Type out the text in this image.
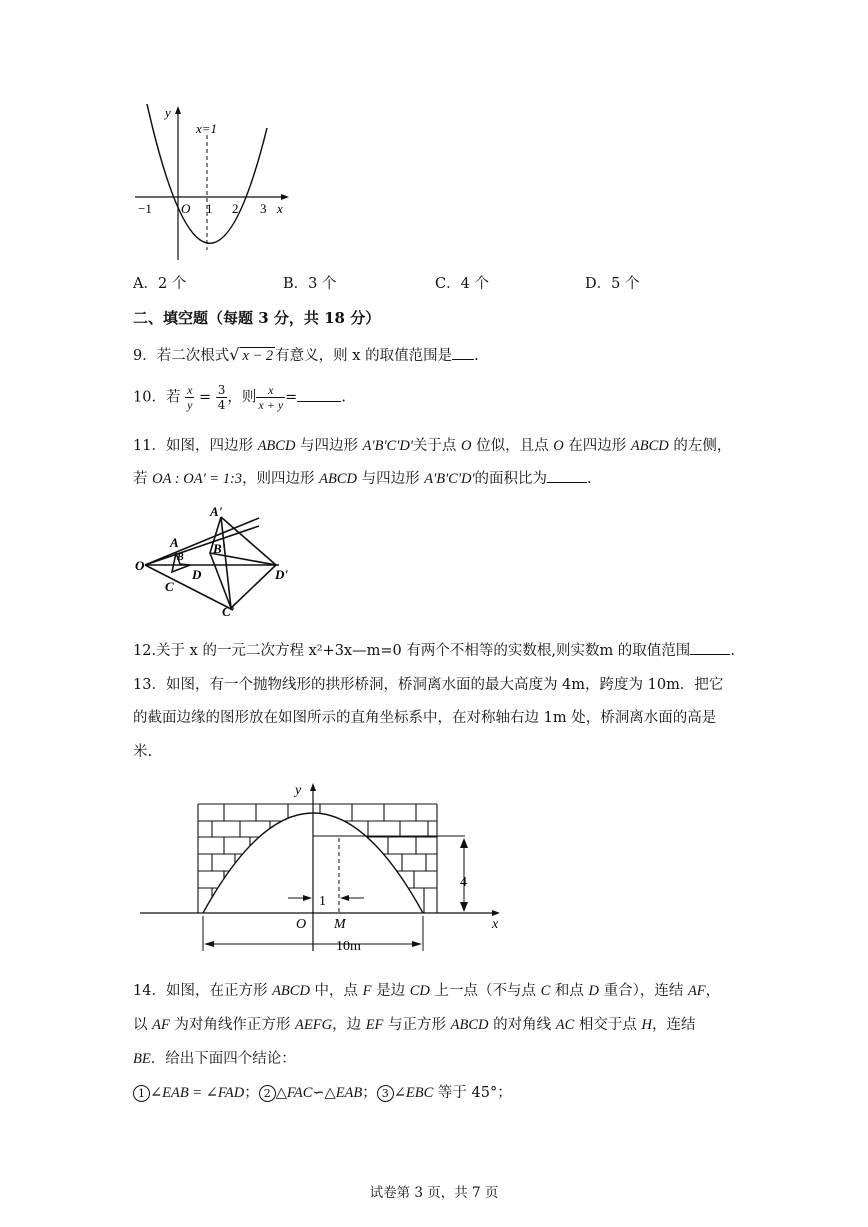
y
x
x=1
−1 O 1 2 3
A．2 个	B．3 个	C．4 个	D．5 个
二、填空题（每题 3 分，共 18 分）
9．若二次根式√ x − 2 有意义，则 x 的取值范围是 .
10．若 $\frac{x}{y} = \frac{3}{4}$ ，则 $\frac{x}{x + y}$ =	.
11．如图，四边形 ABCD 与四边形 A'B'C'D'关于点 O 位似，且点 O 在四边形 ABCD 的左侧，
若 OA : OA' = 1:3，则四边形 ABCD 与四边形 A'B'C'D'的面积比为	.
O
A
B
D
C
A'
B'
D'
C'
12.关于 x 的一元二次方程 x²+3x—m=0 有两个不相等的实数根,则实数m 的取值范围	.
13．如图，有一个抛物线形的拱形桥洞，桥洞离水面的最大高度为 4m，跨度为 10m．把它
的截面边缘的图形放在如图所示的直角坐标系中，在对称轴右边 1m 处，桥洞离水面的高是
米.
y
x
O M
1
4
10m
14．如图，在正方形 ABCD 中，点 F 是边 CD 上一点（不与点 C 和点 D 重合），连结 AF，
以 AF 为对角线作正方形 AEFG，边 EF 与正方形 ABCD 的对角线 AC 相交于点 H，连结
BE．给出下面四个结论：
1 ∠EAB = ∠FAD； 2 △FAC∽△EAB； 3 ∠EBC 等于 45°；
试卷第 3 页，共 7 页
